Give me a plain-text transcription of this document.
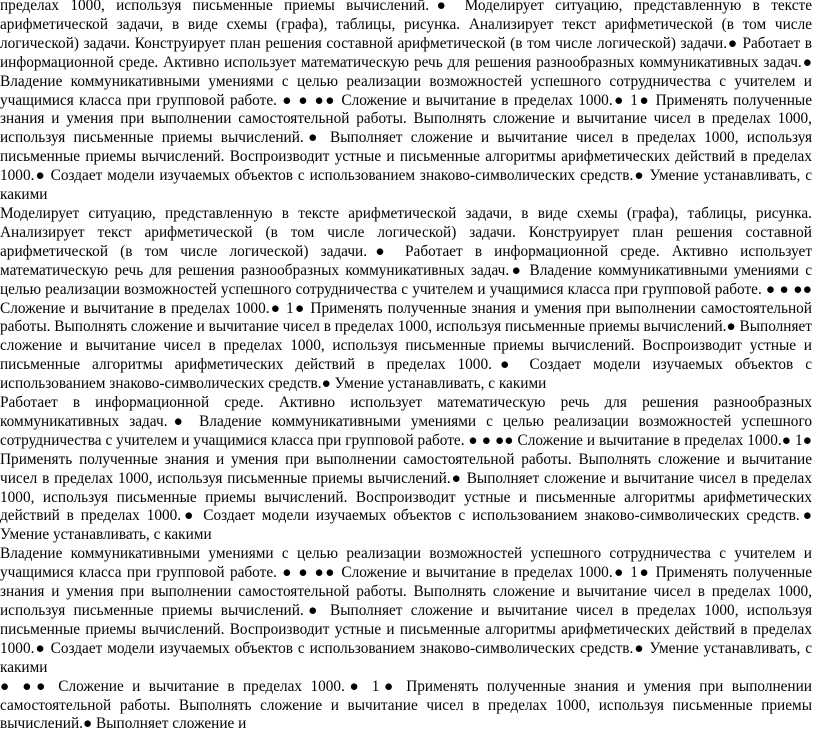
пределах 1000, используя письменные приемы вычислений.● Моделирует ситуацию, представленную в тексте арифметической задачи, в виде схемы (графа), таблицы, рисунка. Анализирует текст арифметической (в том числе логической) задачи. Конструирует план решения составной арифметической (в том числе логической) задачи.● Работает в информационной среде. Активно использует математическую речь для решения разнообразных коммуникативных задач.● Владение коммуникативными умениями с целью реализации возможностей успешного сотрудничества с учителем и учащимися класса при групповой работе. ● ● ●● Сложение и вычитание в пределах 1000.● 1● Применять полученные знания и умения при выполнении самостоятельной работы. Выполнять сложение и вычитание чисел в пределах 1000, используя письменные приемы вычислений.● Выполняет сложение и вычитание чисел в пределах 1000, используя письменные приемы вычислений. Воспроизводит устные и письменные алгоритмы арифметических действий в пределах 1000.● Создает модели изучаемых объектов с использованием знаково-символических средств.● Умение устанавливать, с какими

Моделирует ситуацию, представленную в тексте арифметической задачи, в виде схемы (графа), таблицы, рисунка. Анализирует текст арифметической (в том числе логической) задачи. Конструирует план решения составной арифметической (в том числе логической) задачи.● Работает в информационной среде. Активно использует математическую речь для решения разнообразных коммуникативных задач.● Владение коммуникативными умениями с целью реализации возможностей успешного сотрудничества с учителем и учащимися класса при групповой работе. ● ● ●● Сложение и вычитание в пределах 1000.● 1● Применять полученные знания и умения при выполнении самостоятельной работы. Выполнять сложение и вычитание чисел в пределах 1000, используя письменные приемы вычислений.● Выполняет сложение и вычитание чисел в пределах 1000, используя письменные приемы вычислений. Воспроизводит устные и письменные алгоритмы арифметических действий в пределах 1000.● Создает модели изучаемых объектов с использованием знаково-символических средств.● Умение устанавливать, с какими

Работает в информационной среде. Активно использует математическую речь для решения разнообразных коммуникативных задач.● Владение коммуникативными умениями с целью реализации возможностей успешного сотрудничества с учителем и учащимися класса при групповой работе. ● ● ●● Сложение и вычитание в пределах 1000.● 1● Применять полученные знания и умения при выполнении самостоятельной работы. Выполнять сложение и вычитание чисел в пределах 1000, используя письменные приемы вычислений.● Выполняет сложение и вычитание чисел в пределах 1000, используя письменные приемы вычислений. Воспроизводит устные и письменные алгоритмы арифметических действий в пределах 1000.● Создает модели изучаемых объектов с использованием знаково-символических средств.● Умение устанавливать, с какими

Владение коммуникативными умениями с целью реализации возможностей успешного сотрудничества с учителем и учащимися класса при групповой работе. ● ● ●● Сложение и вычитание в пределах 1000.● 1● Применять полученные знания и умения при выполнении самостоятельной работы. Выполнять сложение и вычитание чисел в пределах 1000, используя письменные приемы вычислений.● Выполняет сложение и вычитание чисел в пределах 1000, используя письменные приемы вычислений. Воспроизводит устные и письменные алгоритмы арифметических действий в пределах 1000.● Создает модели изучаемых объектов с использованием знаково-символических средств.● Умение устанавливать, с какими

● ●● Сложение и вычитание в пределах 1000.● 1● Применять полученные знания и умения при выполнении самостоятельной работы. Выполнять сложение и вычитание чисел в пределах 1000, используя письменные приемы вычислений.● Выполняет сложение и
